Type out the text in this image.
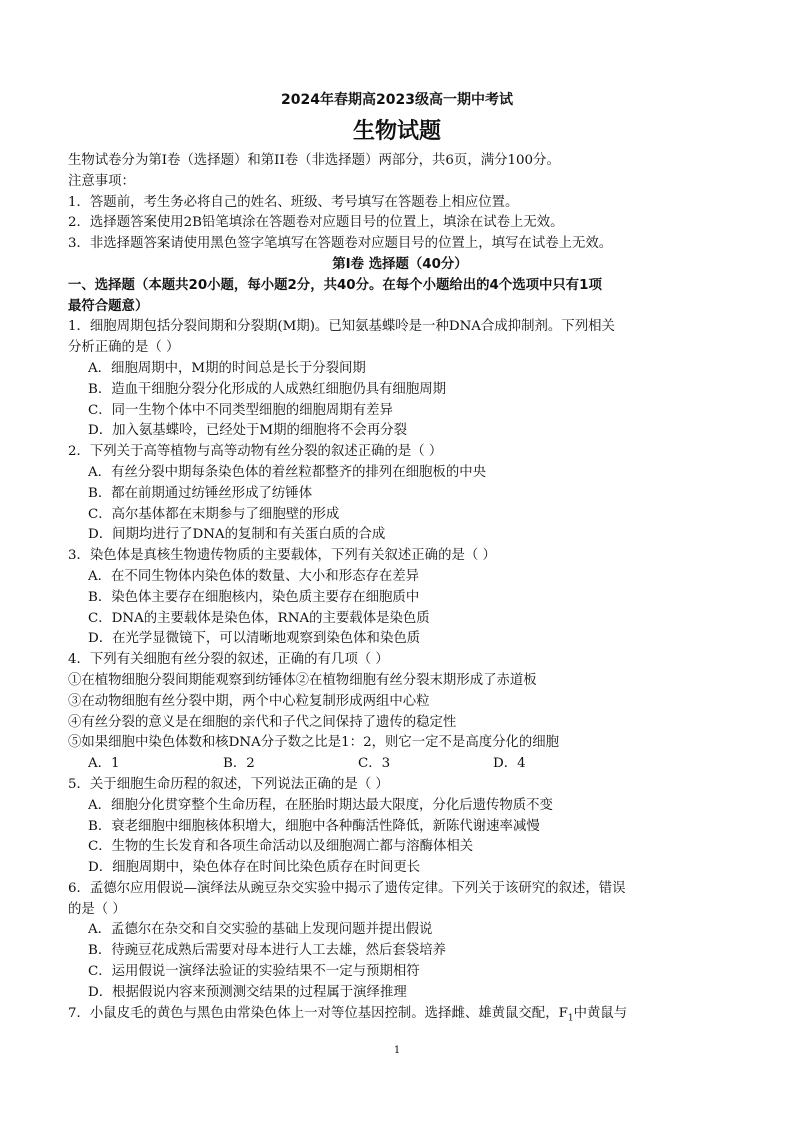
2024年春期高2023级高一期中考试
生物试题
生物试卷分为第I卷（选择题）和第II卷（非选择题）两部分，共6页，满分100分。
注意事项：
1．答题前，考生务必将自己的姓名、班级、考号填写在答题卷上相应位置。
2．选择题答案使用2B铅笔填涂在答题卷对应题目号的位置上，填涂在试卷上无效。
3．非选择题答案请使用黑色签字笔填写在答题卷对应题目号的位置上，填写在试卷上无效。
第I卷 选择题（40分）
一、选择题（本题共20小题，每小题2分，共40分。在每个小题给出的4个选项中只有1项
最符合题意）
1．细胞周期包括分裂间期和分裂期(M期)。已知氨基蝶呤是一种DNA合成抑制剂。下列相关
分析正确的是（ ）
A．细胞周期中，M期的时间总是长于分裂间期
B．造血干细胞分裂分化形成的人成熟红细胞仍具有细胞周期
C．同一生物个体中不同类型细胞的细胞周期有差异
D．加入氨基蝶呤，已经处于M期的细胞将不会再分裂
2．下列关于高等植物与高等动物有丝分裂的叙述正确的是（ ）
A．有丝分裂中期每条染色体的着丝粒都整齐的排列在细胞板的中央
B．都在前期通过纺锤丝形成了纺锤体
C．高尔基体都在末期参与了细胞壁的形成
D．间期均进行了DNA的复制和有关蛋白质的合成
3．染色体是真核生物遗传物质的主要载体，下列有关叙述正确的是（ ）
A．在不同生物体内染色体的数量、大小和形态存在差异
B．染色体主要存在细胞核内，染色质主要存在细胞质中
C．DNA的主要载体是染色体，RNA的主要载体是染色质
D．在光学显微镜下，可以清晰地观察到染色体和染色质
4．下列有关细胞有丝分裂的叙述，正确的有几项（ ）
①在植物细胞分裂间期能观察到纺锤体②在植物细胞有丝分裂末期形成了赤道板
③在动物细胞有丝分裂中期，两个中心粒复制形成两组中心粒
④有丝分裂的意义是在细胞的亲代和子代之间保持了遗传的稳定性
⑤如果细胞中染色体数和核DNA分子数之比是1：2，则它一定不是高度分化的细胞
A．1	B．2	C．3	D．4
5．关于细胞生命历程的叙述，下列说法正确的是（ ）
A．细胞分化贯穿整个生命历程，在胚胎时期达最大限度，分化后遗传物质不变
B．衰老细胞中细胞核体积增大，细胞中各种酶活性降低，新陈代谢速率减慢
C．生物的生长发育和各项生命活动以及细胞凋亡都与溶酶体相关
D．细胞周期中，染色体存在时间比染色质存在时间更长
6．孟德尔应用假说—演绎法从豌豆杂交实验中揭示了遗传定律。下列关于该研究的叙述，错误
的是（ ）
A．孟德尔在杂交和自交实验的基础上发现问题并提出假说
B．待豌豆花成熟后需要对母本进行人工去雄，然后套袋培养
C．运用假说一演绎法验证的实验结果不一定与预期相符
D．根据假说内容来预测测交结果的过程属于演绎推理
7．小鼠皮毛的黄色与黑色由常染色体上一对等位基因控制。选择雌、雄黄鼠交配，$F_1$中黄鼠与
1
